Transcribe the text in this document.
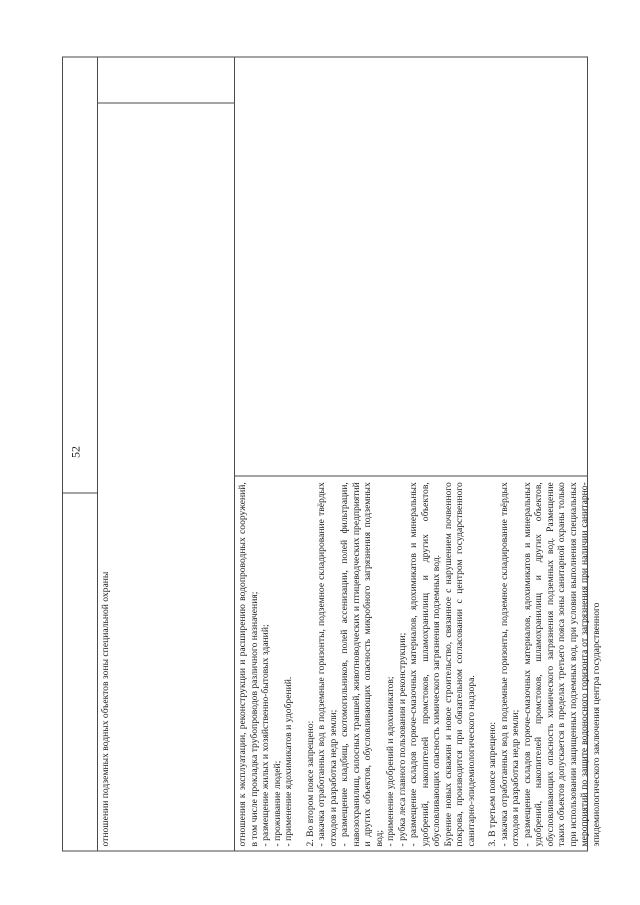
52
отношении подземных водных объектов зоны специальной охраны	отношения к эксплуатации, реконструкции и расширению водопроводных сооружений, в том числе прокладка трубопроводов различного назначения; - размещение жилых и хозяйственно-бытовых зданий; - проживание людей; - применение ядохимикатов и удобрений. 2. Во втором поясе запрещено: - закачка отработанных вод в подземные горизонты, подземное складирование твёрдых отходов и разработка недр земли; - размещение кладбищ, скотомогильников, полей ассенизации, полей фильтрации, навозохранилищ, силосных траншей, животноводческих и птицеводческих предприятий и других объектов, обусловливающих опасность микробного загрязнения подземных вод; - применение удобрений и ядохимикатов; - рубка леса главного пользования и реконструкции; - размещение складов горюче-смазочных материалов, ядохимикатов и минеральных удобрений, накопителей промстоков, шламохранилищ и других объектов, обусловливающих опасность химического загрязнения подземных вод. Бурение новых скважин и новое строительство, связанное с нарушением почвенного покрова, производится при обязательном согласовании с центром государственного санитарно-эпидемиологического надзора. 3. В третьем поясе запрещено: - закачка отработанных вод в подземные горизонты, подземное складирование твёрдых отходов и разработка недр земли; - размещение складов горюче-смазочных материалов, ядохимикатов и минеральных удобрений, накопителей промстоков, шламохранилищ и других объектов, обусловливающих опасность химического загрязнения подземных вод. Размещение таких объектов допускается в пределах третьего пояса зоны санитарной охраны только при использовании защищенных подземных вод, при условии выполнения специальных мероприятий по защите водоносного горизонта от загрязнения при наличии санитарно-эпидемиологического заключения центра государственного
